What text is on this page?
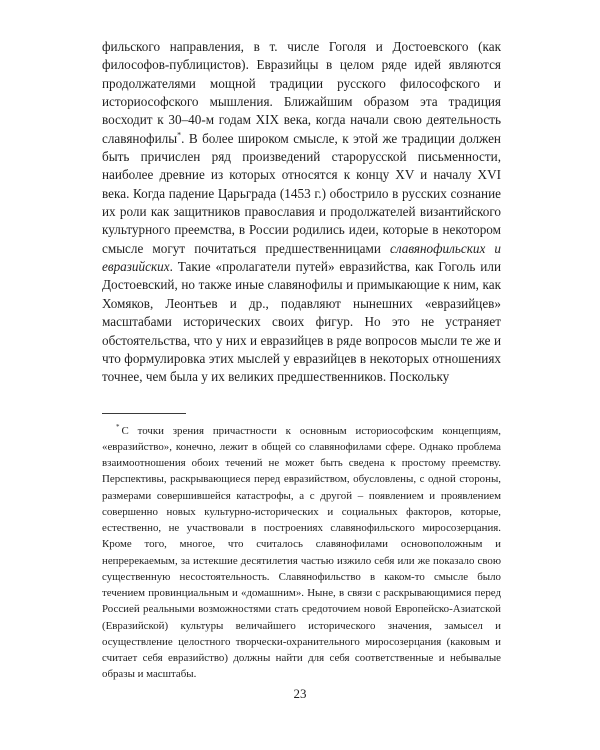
фильского направления, в т. числе Гоголя и Достоевского (как философов-публицистов). Евразийцы в целом ряде идей являются продолжателями мощной традиции русского философского и историософского мышления. Ближайшим образом эта традиция восходит к 30–40-м годам XIX века, когда начали свою деятельность славянофилы*. В более широком смысле, к этой же традиции должен быть причислен ряд произведений старорусской письменности, наиболее древние из которых относятся к концу XV и началу XVI века. Когда падение Царьграда (1453 г.) обострило в русских сознание их роли как защитников православия и продолжателей византийского культурного преемства, в России родились идеи, которые в некотором смысле могут почитаться предшественницами славянофильских и евразийских. Такие «пролагатели путей» евразийства, как Гоголь или Достоевский, но также иные славянофилы и примыкающие к ним, как Хомяков, Леонтьев и др., подавляют нынешних «евразийцев» масштабами исторических своих фигур. Но это не устраняет обстоятельства, что у них и евразийцев в ряде вопросов мысли те же и что формулировка этих мыслей у евразийцев в некоторых отношениях точнее, чем была у их великих предшественников. Поскольку

* С точки зрения причастности к основным историософским концепциям, «евразийство», конечно, лежит в общей со славянофилами сфере. Однако проблема взаимоотношения обоих течений не может быть сведена к простому преемству. Перспективы, раскрывающиеся перед евразийством, обусловлены, с одной стороны, размерами совершившейся катастрофы, а с другой – появлением и проявлением совершенно новых культурно-исторических и социальных факторов, которые, естественно, не участвовали в построениях славянофильского миросозерцания. Кроме того, многое, что считалось славянофилами основоположным и непререкаемым, за истекшие десятилетия частью изжило себя или же показало свою существенную несостоятельность. Славянофильство в каком-то смысле было течением провинциальным и «домашним». Ныне, в связи с раскрывающимися перед Россией реальными возможностями стать средоточием новой Европейско-Азиатской (Евразийской) культуры величайшего исторического значения, замысел и осуществление целостного творчески-охранительного миросозерцания (каковым и считает себя евразийство) должны найти для себя соответственные и небывалые образы и масштабы.

23
